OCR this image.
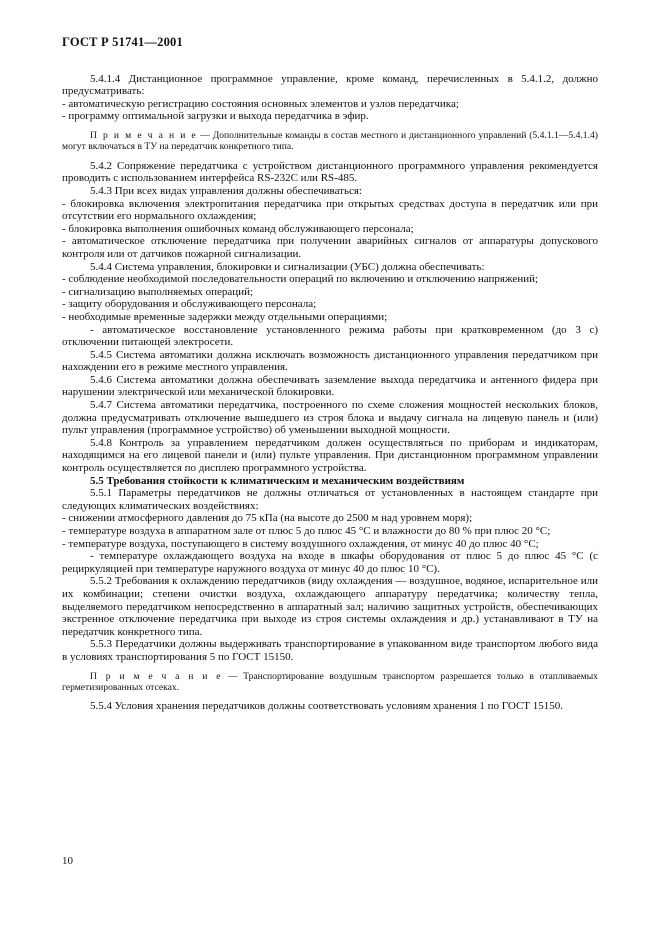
ГОСТ Р 51741—2001

5.4.1.4 Дистанционное программное управление, кроме команд, перечисленных в 5.4.1.2, должно предусматривать:

- автоматическую регистрацию состояния основных элементов и узлов передатчика;

- программу оптимальной загрузки и выхода передатчика в эфир.

П р и м е ч а н и е — Дополнительные команды в состав местного и дистанционного управлений (5.4.1.1—5.4.1.4) могут включаться в ТУ на передатчик конкретного типа.

5.4.2 Сопряжение передатчика с устройством дистанционного программного управления рекомендуется проводить с использованием интерфейса RS-232C или RS-485.

5.4.3 При всех видах управления должны обеспечиваться:

- блокировка включения электропитания передатчика при открытых средствах доступа в передатчик или при отсутствии его нормального охлаждения;

- блокировка выполнения ошибочных команд обслуживающего персонала;

- автоматическое отключение передатчика при получении аварийных сигналов от аппаратуры допускового контроля или от датчиков пожарной сигнализации.

5.4.4 Система управления, блокировки и сигнализации (УБС) должна обеспечивать:

- соблюдение необходимой последовательности операций по включению и отключению напряжений;

- сигнализацию выполняемых операций;

- защиту оборудования и обслуживающего персонала;

- необходимые временные задержки между отдельными операциями;

- автоматическое восстановление установленного режима работы при кратковременном (до 3 с) отключении питающей электросети.

5.4.5 Система автоматики должна исключать возможность дистанционного управления передатчиком при нахождении его в режиме местного управления.

5.4.6 Система автоматики должна обеспечивать заземление выхода передатчика и антенного фидера при нарушении электрической или механической блокировки.

5.4.7 Система автоматики передатчика, построенного по схеме сложения мощностей нескольких блоков, должна предусматривать отключение вышедшего из строя блока и выдачу сигнала на лицевую панель и (или) пульт управления (программное устройство) об уменьшении выходной мощности.

5.4.8 Контроль за управлением передатчиком должен осуществляться по приборам и индикаторам, находящимся на его лицевой панели и (или) пульте управления. При дистанционном программном управлении контроль осуществляется по дисплею программного устройства.

5.5 Требования стойкости к климатическим и механическим воздействиям

5.5.1 Параметры передатчиков не должны отличаться от установленных в настоящем стандарте при следующих климатических воздействиях:

- снижении атмосферного давления до 75 кПа (на высоте до 2500 м над уровнем моря);

- температуре воздуха в аппаратном зале от плюс 5 до плюс 45 °С и влажности до 80 % при плюс 20 °С;

- температуре воздуха, поступающего в систему воздушного охлаждения, от минус 40 до плюс 40 °С;

- температуре охлаждающего воздуха на входе в шкафы оборудования от плюс 5 до плюс 45 °С (с рециркуляцией при температуре наружного воздуха от минус 40 до плюс 10 °С).

5.5.2 Требования к охлаждению передатчиков (виду охлаждения — воздушное, водяное, испарительное или их комбинации; степени очистки воздуха, охлаждающего аппаратуру передатчика; количеству тепла, выделяемого передатчиком непосредственно в аппаратный зал; наличию защитных устройств, обеспечивающих экстренное отключение передатчика при выходе из строя системы охлаждения и др.) устанавливают в ТУ на передатчик конкретного типа.

5.5.3 Передатчики должны выдерживать транспортирование в упакованном виде транспортом любого вида в условиях транспортирования 5 по ГОСТ 15150.

П р и м е ч а н и е — Транспортирование воздушным транспортом разрешается только в отапливаемых герметизированных отсеках.

5.5.4 Условия хранения передатчиков должны соответствовать условиям хранения 1 по ГОСТ 15150.

10
